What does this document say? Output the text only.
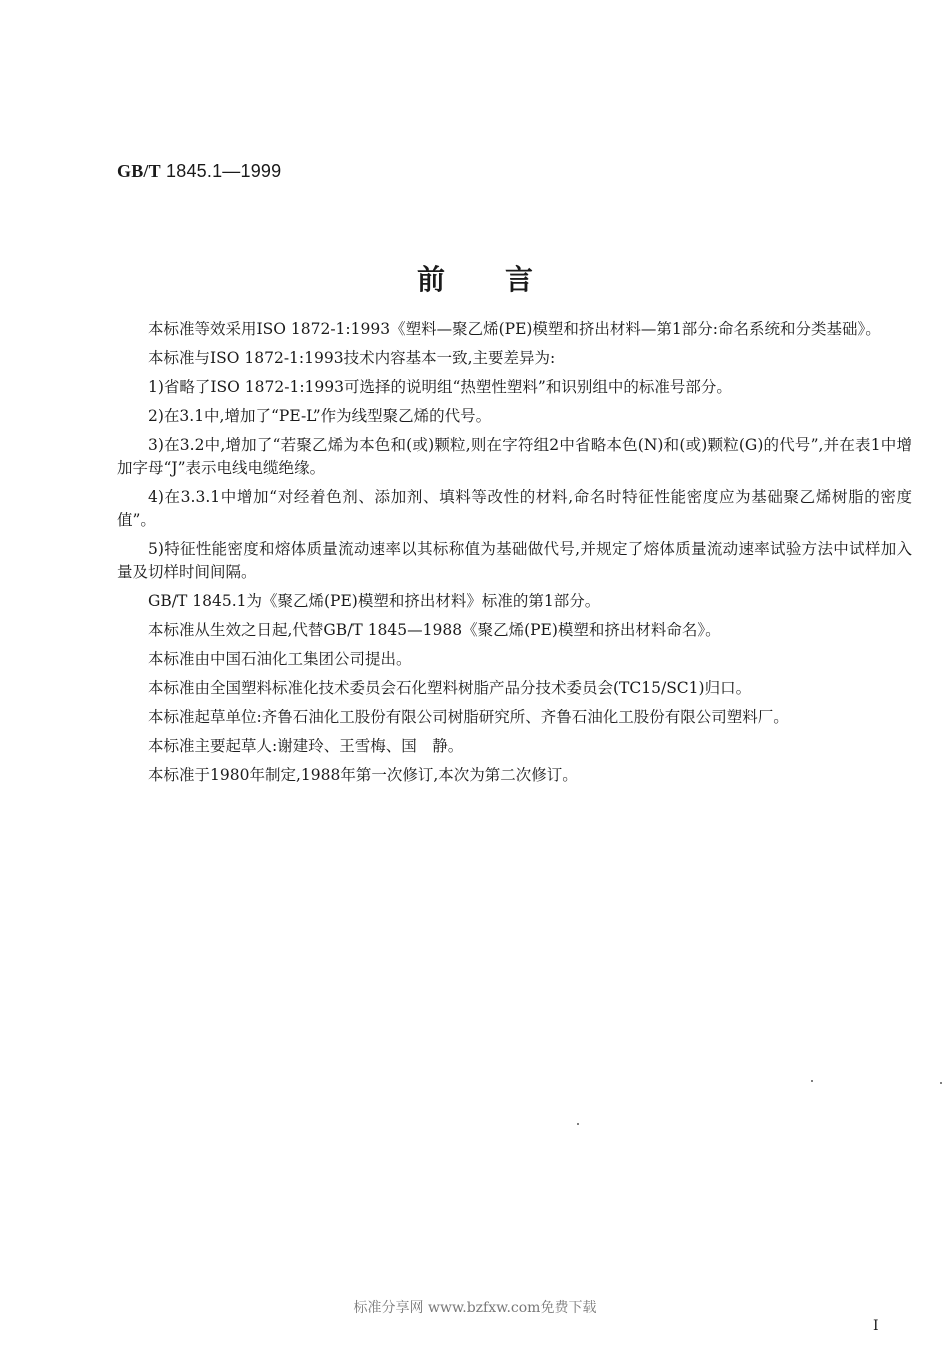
GB/T 1845.1—1999
前言

本标准等效采用ISO 1872-1:1993《塑料—聚乙烯(PE)模塑和挤出材料—第1部分:命名系统和分类基础》。

本标准与ISO 1872-1:1993技术内容基本一致,主要差异为:

1)省略了ISO 1872-1:1993可选择的说明组“热塑性塑料”和识别组中的标准号部分。

2)在3.1中,增加了“PE-L”作为线型聚乙烯的代号。

3)在3.2中,增加了“若聚乙烯为本色和(或)颗粒,则在字符组2中省略本色(N)和(或)颗粒(G)的代号”,并在表1中增加字母“J”表示电线电缆绝缘。

4)在3.3.1中增加“对经着色剂、添加剂、填料等改性的材料,命名时特征性能密度应为基础聚乙烯树脂的密度值”。

5)特征性能密度和熔体质量流动速率以其标称值为基础做代号,并规定了熔体质量流动速率试验方法中试样加入量及切样时间间隔。

GB/T 1845.1为《聚乙烯(PE)模塑和挤出材料》标准的第1部分。

本标准从生效之日起,代替GB/T 1845—1988《聚乙烯(PE)模塑和挤出材料命名》。

本标准由中国石油化工集团公司提出。

本标准由全国塑料标准化技术委员会石化塑料树脂产品分技术委员会(TC15/SC1)归口。

本标准起草单位:齐鲁石油化工股份有限公司树脂研究所、齐鲁石油化工股份有限公司塑料厂。

本标准主要起草人:谢建玲、王雪梅、国　静。

本标准于1980年制定,1988年第一次修订,本次为第二次修订。

标准分享网 www.bzfxw.com免费下载
I
